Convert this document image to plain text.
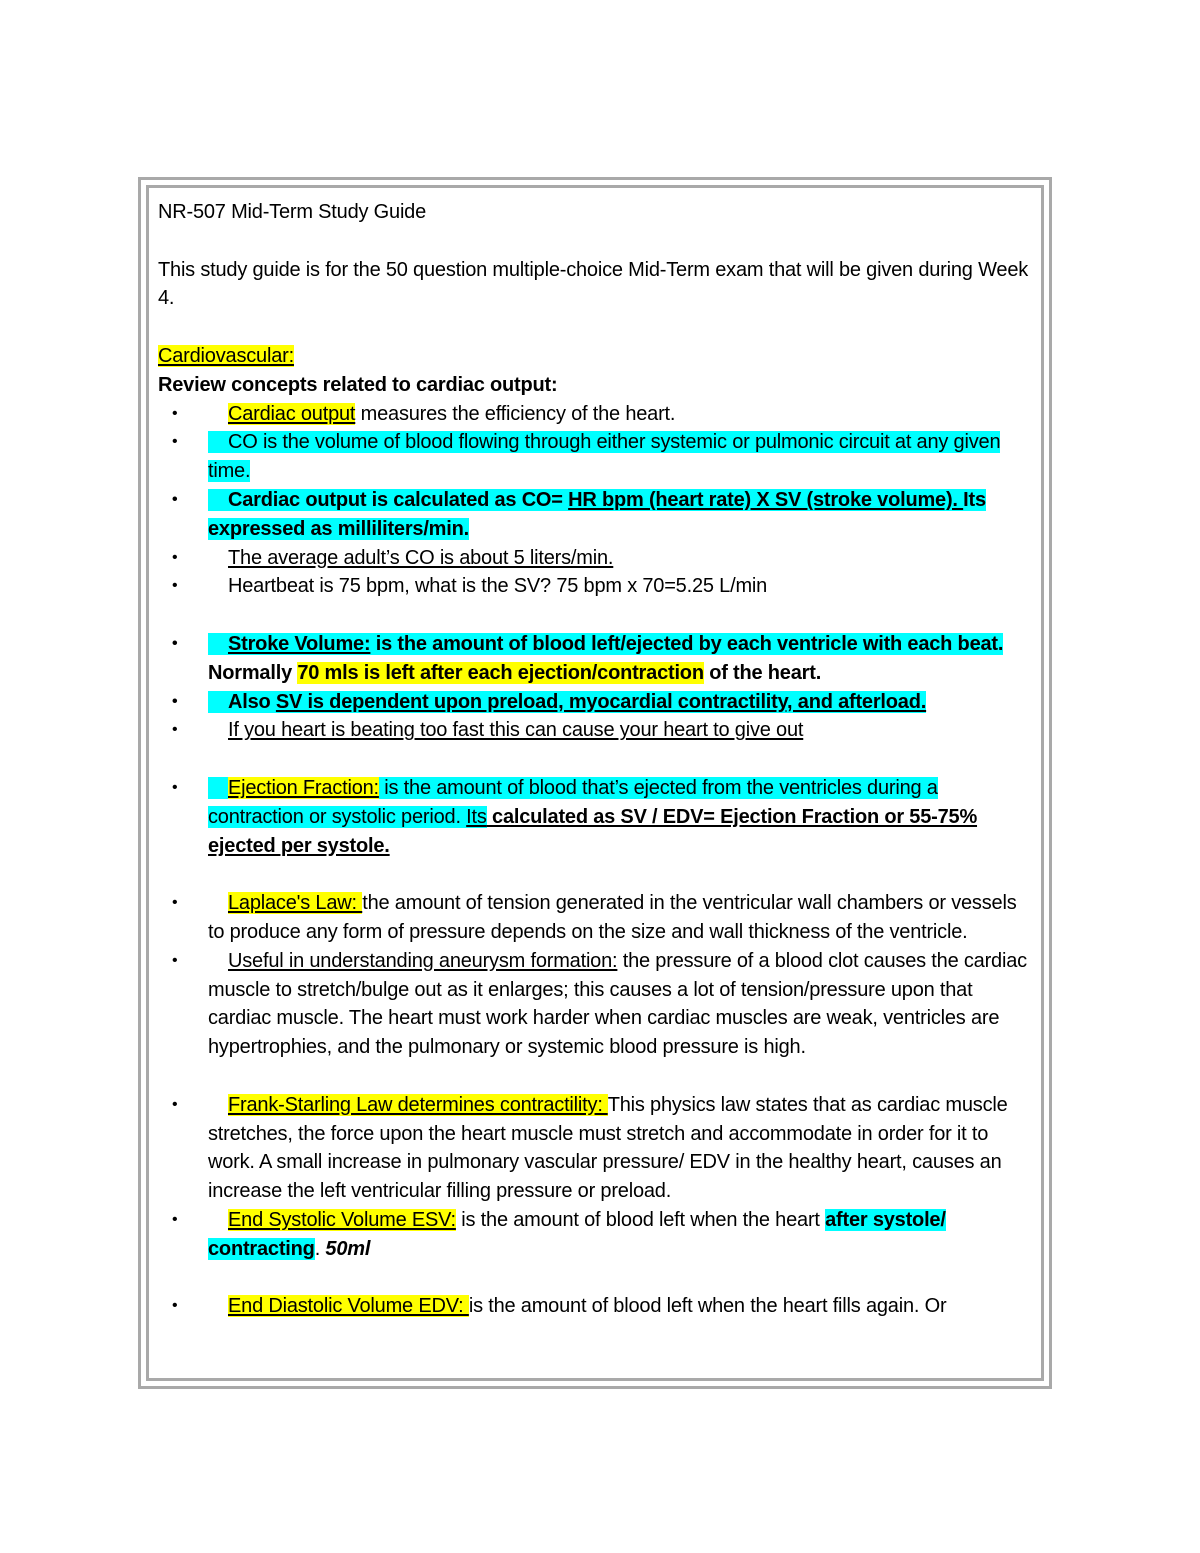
NR-507 Mid-Term Study Guide

This study guide is for the 50 question multiple-choice Mid-Term exam that will be given during Week 4.

Cardiovascular:

Review concepts related to cardiac output:

•	Cardiac output measures the efficiency of the heart.

•	CO is the volume of blood flowing through either systemic or pulmonic circuit at any given time.

•	Cardiac output is calculated as CO= HR bpm (heart rate) X SV (stroke volume). Its expressed as milliliters/min.

•	The average adult’s CO is about 5 liters/min.

•	Heartbeat is 75 bpm, what is the SV? 75 bpm x 70=5.25 L/min

•	Stroke Volume: is the amount of blood left/ejected by each ventricle with each beat. Normally 70 mls is left after each ejection/contraction of the heart.

•	Also SV is dependent upon preload, myocardial contractility, and afterload.

•	If you heart is beating too fast this can cause your heart to give out

•	Ejection Fraction: is the amount of blood that’s ejected from the ventricles during a contraction or systolic period. Its calculated as SV / EDV= Ejection Fraction or 55-75% ejected per systole.

•	Laplace's Law: the amount of tension generated in the ventricular wall chambers or vessels to produce any form of pressure depends on the size and wall thickness of the ventricle.

•	Useful in understanding aneurysm formation: the pressure of a blood clot causes the cardiac muscle to stretch/bulge out as it enlarges; this causes a lot of tension/pressure upon that cardiac muscle. The heart must work harder when cardiac muscles are weak, ventricles are hypertrophies, and the pulmonary or systemic blood pressure is high.

•	Frank-Starling Law determines contractility: This physics law states that as cardiac muscle stretches, the force upon the heart muscle must stretch and accommodate in order for it to work. A small increase in pulmonary vascular pressure/ EDV in the healthy heart, causes an increase the left ventricular filling pressure or preload.

•	End Systolic Volume ESV: is the amount of blood left when the heart after systole/ contracting. 50ml

•	End Diastolic Volume EDV: is the amount of blood left when the heart fills again. Or
